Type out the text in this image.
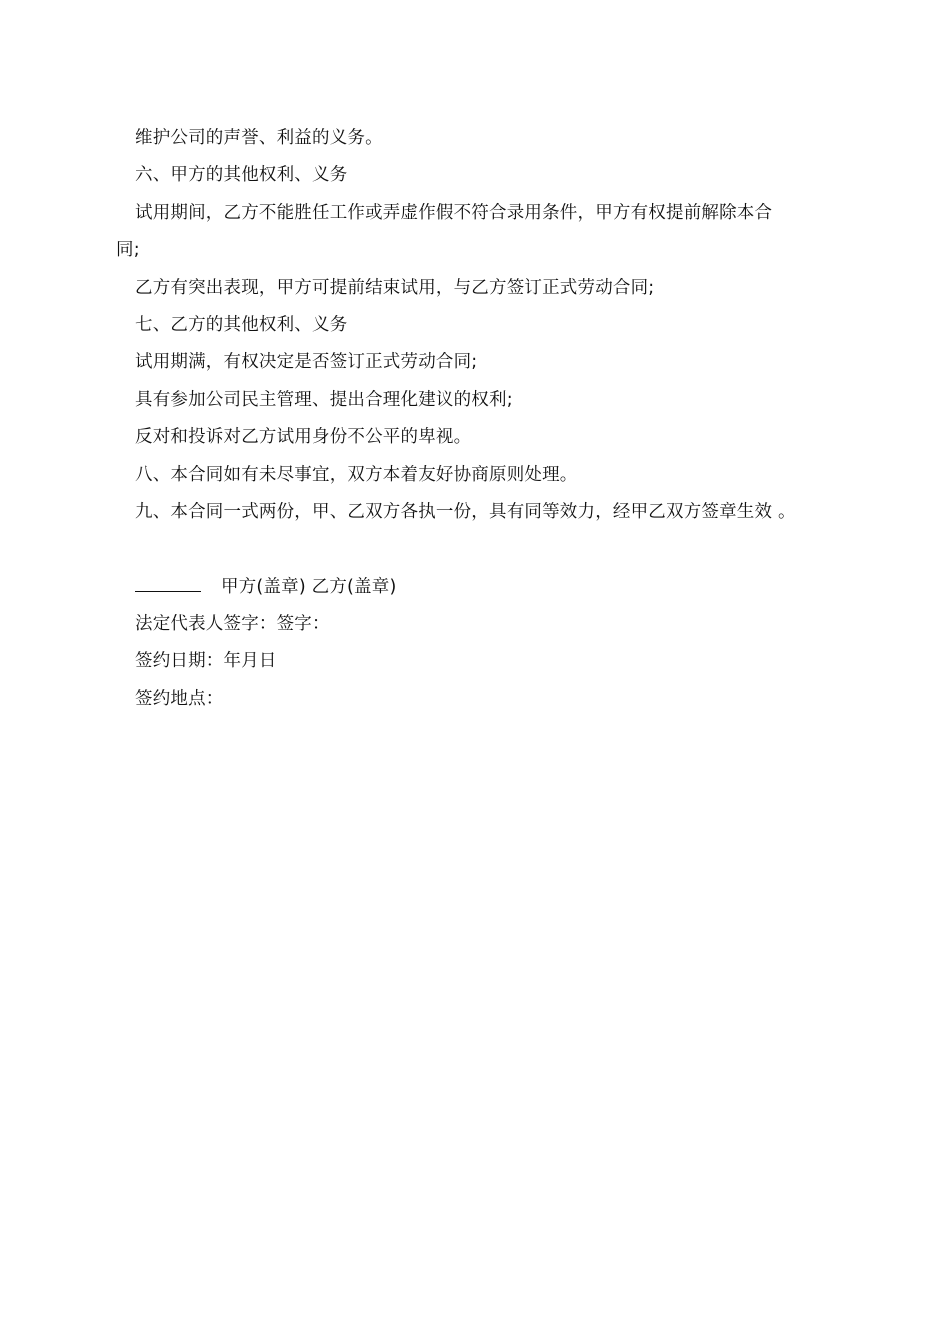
维护公司的声誉、利益的义务。
六、甲方的其他权利、义务
试用期间，乙方不能胜任工作或弄虚作假不符合录用条件，甲方有权提前解除本合
同;
乙方有突出表现，甲方可提前结束试用，与乙方签订正式劳动合同;
七、乙方的其他权利、义务
试用期满，有权决定是否签订正式劳动合同;
具有参加公司民主管理、提出合理化建议的权利;
反对和投诉对乙方试用身份不公平的卑视。
八、本合同如有未尽事宜，双方本着友好协商原则处理。
九、本合同一式两份，甲、乙双方各执一份，具有同等效力，经甲乙双方签章生效 。
甲方(盖章) 乙方(盖章)
法定代表人签字：签字：
签约日期：年月日
签约地点：
